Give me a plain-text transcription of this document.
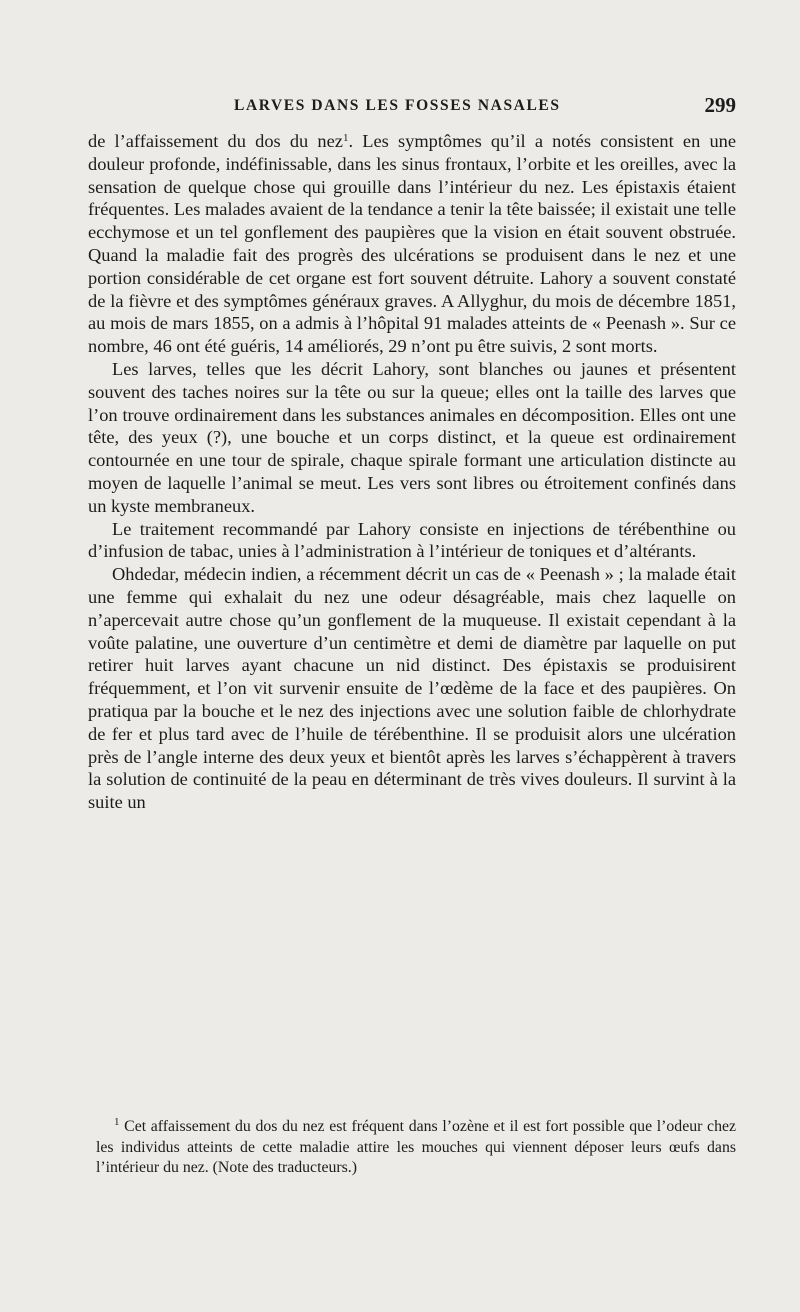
LARVES DANS LES FOSSES NASALES	299

de l’affaissement du dos du nez$^1$. Les symptômes qu’il a notés consistent en une douleur profonde, indéfinissable, dans les sinus frontaux, l’orbite et les oreilles, avec la sensation de quelque chose qui grouille dans l’intérieur du nez. Les épistaxis étaient fréquentes. Les malades avaient de la tendance a tenir la tête baissée; il existait une telle ecchymose et un tel gonflement des paupières que la vision en était souvent obstruée. Quand la maladie fait des progrès des ulcérations se produisent dans le nez et une portion considérable de cet organe est fort souvent détruite. Lahory a souvent constaté de la fièvre et des symptômes généraux graves. A Allyghur, du mois de décembre 1851, au mois de mars 1855, on a admis à l’hôpital 91 malades atteints de « Peenash ». Sur ce nombre, 46 ont été guéris, 14 améliorés, 29 n’ont pu être suivis, 2 sont morts.

Les larves, telles que les décrit Lahory, sont blanches ou jaunes et présentent souvent des taches noires sur la tête ou sur la queue; elles ont la taille des larves que l’on trouve ordinairement dans les substances animales en décomposition. Elles ont une tête, des yeux (?), une bouche et un corps distinct, et la queue est ordinairement contournée en une tour de spirale, chaque spirale formant une articulation distincte au moyen de laquelle l’animal se meut. Les vers sont libres ou étroitement confinés dans un kyste membraneux.

Le traitement recommandé par Lahory consiste en injections de térébenthine ou d’infusion de tabac, unies à l’administration à l’intérieur de toniques et d’altérants.

Ohdedar, médecin indien, a récemment décrit un cas de « Peenash » ; la malade était une femme qui exhalait du nez une odeur désagréable, mais chez laquelle on n’apercevait autre chose qu’un gonflement de la muqueuse. Il existait cependant à la voûte palatine, une ouverture d’un centimètre et demi de diamètre par laquelle on put retirer huit larves ayant chacune un nid distinct. Des épistaxis se produisirent fréquemment, et l’on vit survenir ensuite de l’œdème de la face et des paupières. On pratiqua par la bouche et le nez des injections avec une solution faible de chlorhydrate de fer et plus tard avec de l’huile de térébenthine. Il se produisit alors une ulcération près de l’angle interne des deux yeux et bientôt après les larves s’échappèrent à travers la solution de continuité de la peau en déterminant de très vives douleurs. Il survint à la suite un

$^1$ Cet affaissement du dos du nez est fréquent dans l’ozène et il est fort possible que l’odeur chez les individus atteints de cette maladie attire les mouches qui viennent déposer leurs œufs dans l’intérieur du nez. (Note des traducteurs.)
